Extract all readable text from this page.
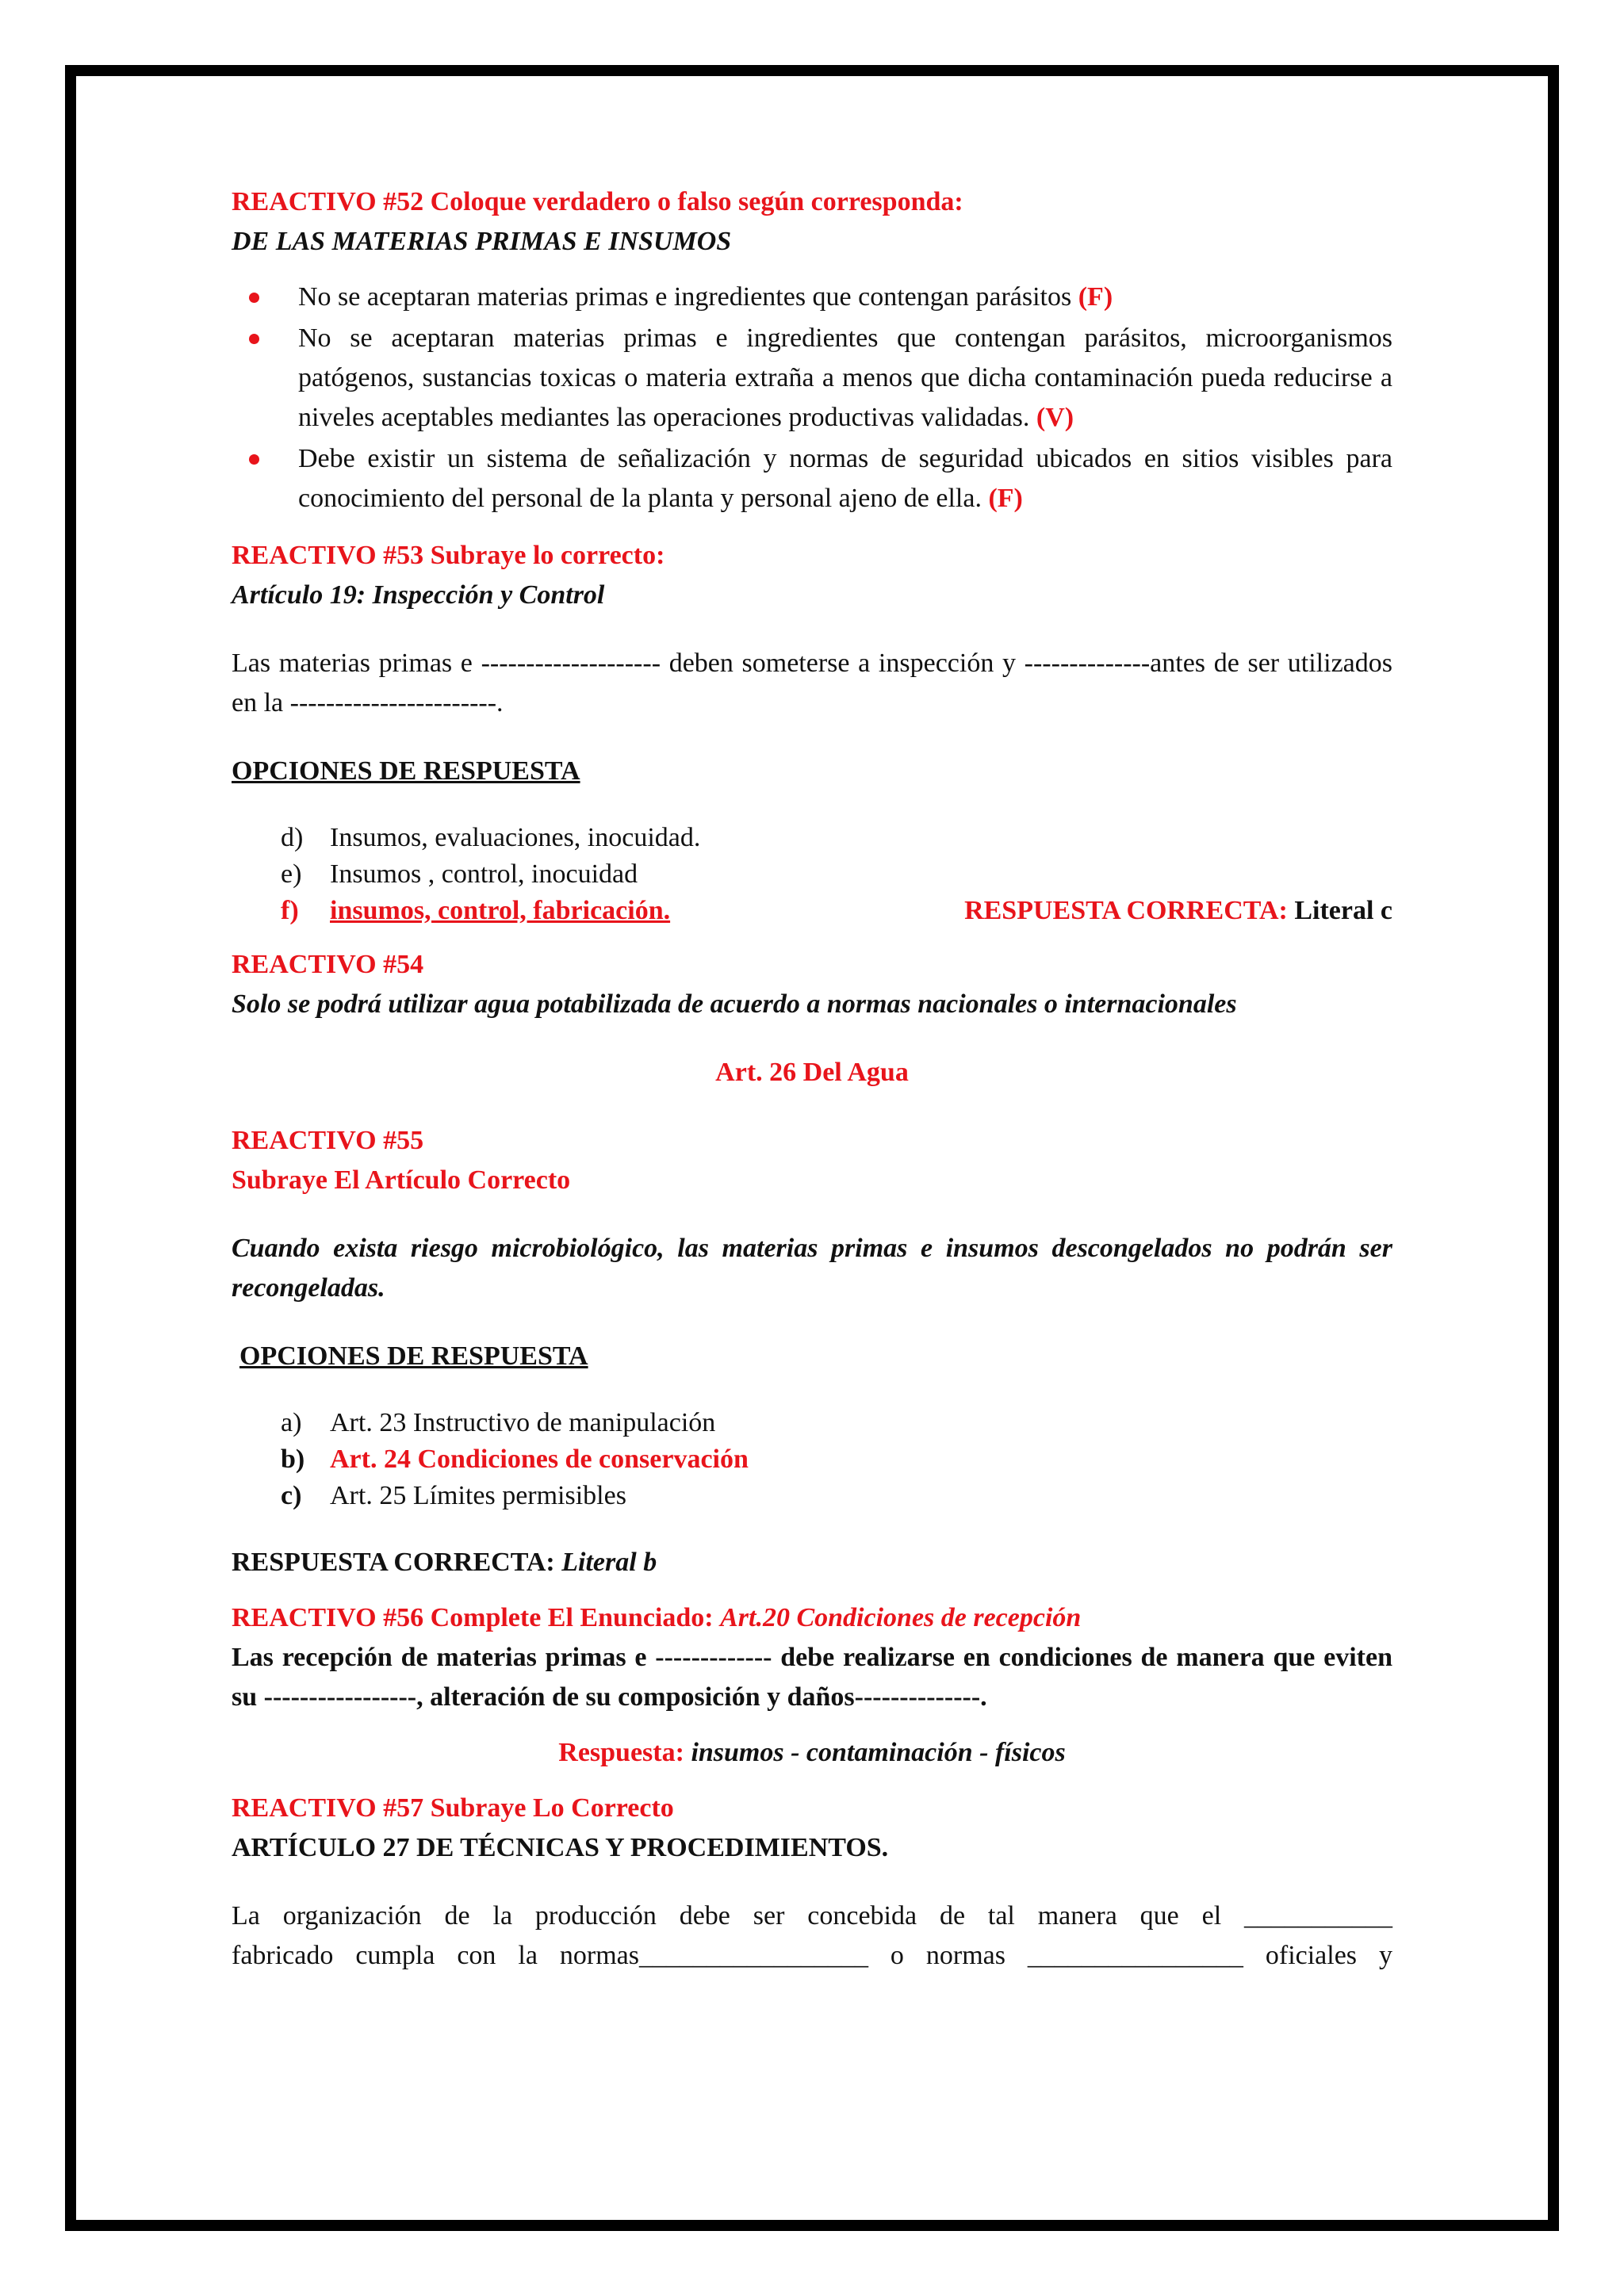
REACTIVO #52 Coloque verdadero o falso según corresponda:

DE LAS MATERIAS PRIMAS E INSUMOS

No se aceptaran materias primas e ingredientes que contengan parásitos (F)
No se aceptaran materias primas e ingredientes que contengan parásitos, microorganismos patógenos, sustancias toxicas o materia extraña a menos que dicha contaminación pueda reducirse a niveles aceptables mediantes las operaciones productivas validadas. (V)
Debe existir un sistema de señalización y normas de seguridad ubicados en sitios visibles para conocimiento del personal de la planta y personal ajeno de ella. (F)

REACTIVO #53 Subraye lo correcto:

Artículo 19: Inspección y Control

Las materias primas e -------------------- deben someterse a inspección y --------------antes de ser utilizados en la -----------------------.

OPCIONES DE RESPUESTA

d) Insumos, evaluaciones, inocuidad.
e) Insumos , control, inocuidad
f) insumos, control, fabricación.	RESPUESTA CORRECTA: Literal c

REACTIVO #54

Solo se podrá utilizar agua potabilizada de acuerdo a normas nacionales o internacionales

Art. 26 Del Agua

REACTIVO #55

Subraye El Artículo Correcto

Cuando exista riesgo microbiológico, las materias primas e insumos descongelados no podrán ser recongeladas.

OPCIONES DE RESPUESTA

a) Art. 23 Instructivo de manipulación
b) Art. 24 Condiciones de conservación
c) Art. 25 Límites permisibles

RESPUESTA CORRECTA: Literal b

REACTIVO #56 Complete El Enunciado: Art.20 Condiciones de recepción

Las recepción de materias primas e ------------- debe realizarse en condiciones de manera que eviten su -----------------, alteración de su composición y daños--------------.

Respuesta: insumos - contaminación - físicos

REACTIVO #57 Subraye Lo Correcto

ARTÍCULO 27 DE TÉCNICAS Y PROCEDIMIENTOS.

La organización de la producción debe ser concebida de tal manera que el ___________

fabricado cumpla con la normas_________________ o normas ________________ oficiales y
